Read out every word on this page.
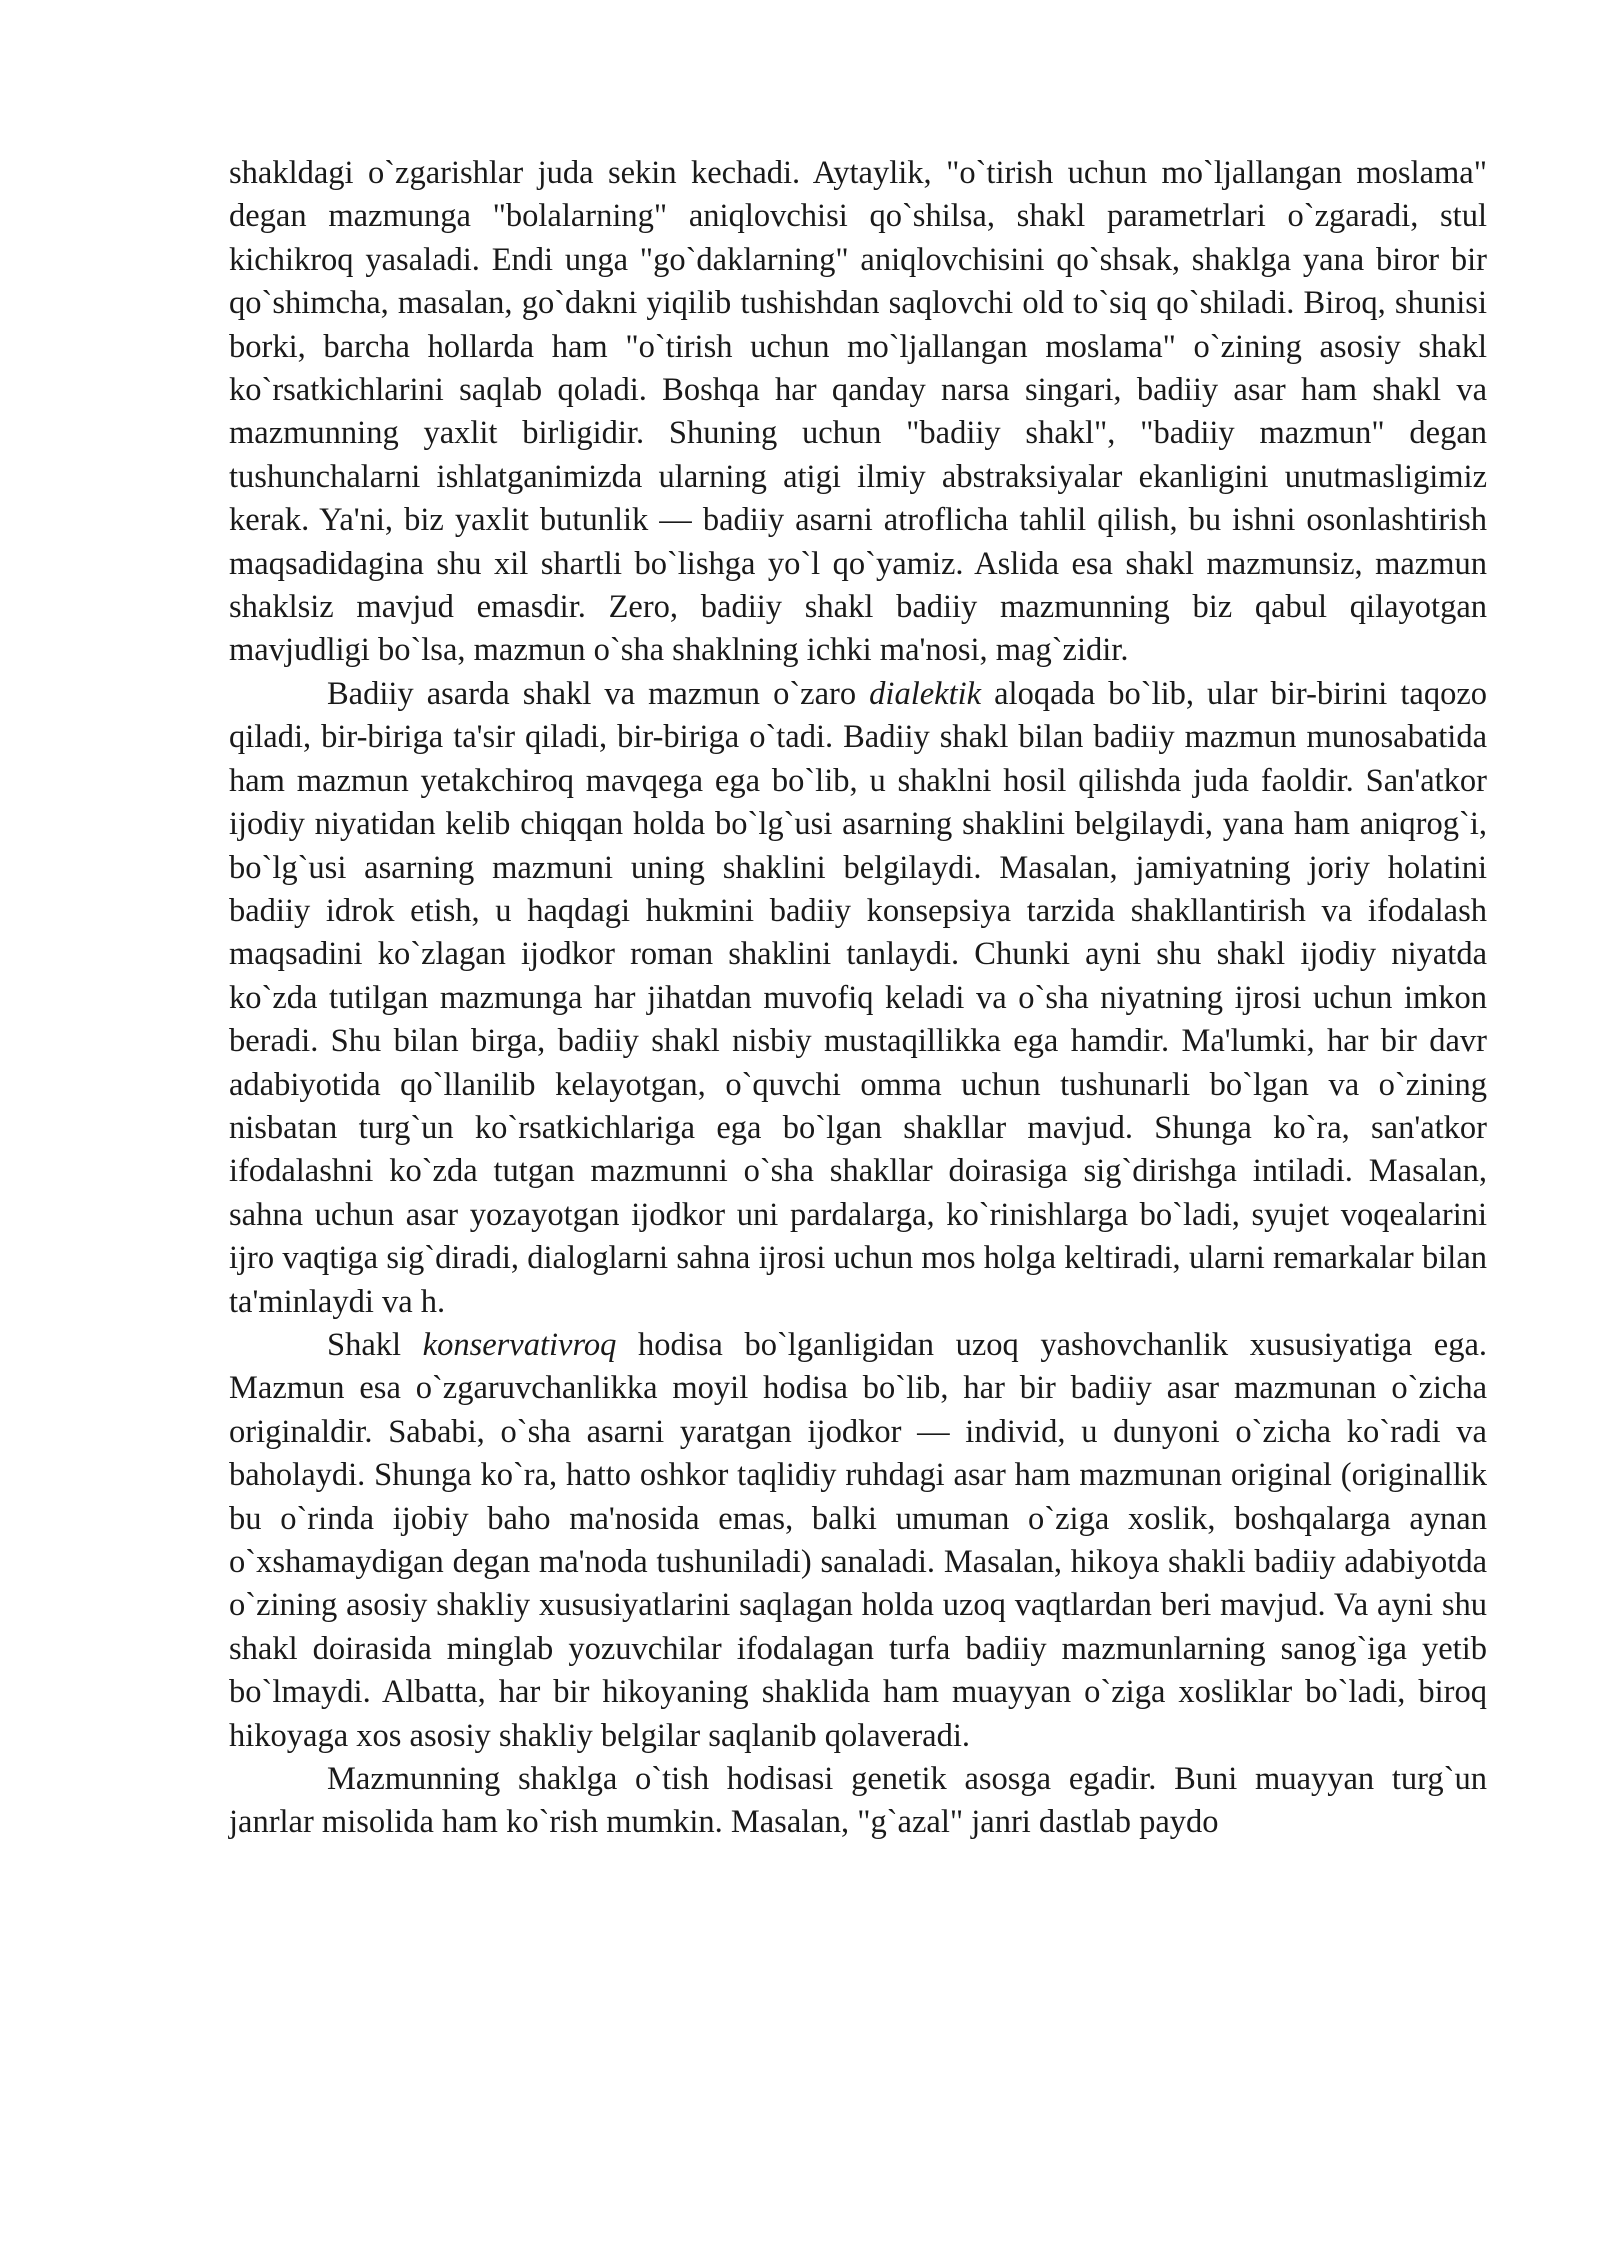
shakldagi o`zgarishlar juda sekin kechadi. Aytaylik, "o`tirish uchun mo`ljallangan moslama" degan mazmunga "bolalarning" aniqlovchisi qo`shilsa, shakl parametrlari o`zgaradi, stul kichikroq yasaladi. Endi unga "go`daklarning" aniqlovchisini qo`shsak, shaklga yana biror bir qo`shimcha, masalan, go`dakni yiqilib tushishdan saqlovchi old to`siq qo`shiladi. Biroq, shunisi borki, barcha hollarda ham "o`tirish uchun mo`ljallangan moslama" o`zining asosiy shakl ko`rsatkichlarini saqlab qoladi. Boshqa har qanday narsa singari, badiiy asar ham shakl va mazmunning yaxlit birligidir. Shuning uchun "badiiy shakl", "badiiy mazmun" degan tushunchalarni ishlatganimizda ularning atigi ilmiy abstraksiyalar ekanligini unutmasligimiz kerak. Ya'ni, biz yaxlit butunlik — badiiy asarni atroflicha tahlil qilish, bu ishni osonlashtirish maqsadidagina shu xil shartli bo`lishga yo`l qo`yamiz. Aslida esa shakl mazmunsiz, mazmun shaklsiz mavjud emasdir. Zero, badiiy shakl badiiy mazmunning biz qabul qilayotgan mavjudligi bo`lsa, mazmun o`sha shaklning ichki ma'nosi, mag`zidir.

Badiiy asarda shakl va mazmun o`zaro dialektik aloqada bo`lib, ular bir-birini taqozo qiladi, bir-biriga ta'sir qiladi, bir-biriga o`tadi. Badiiy shakl bilan badiiy mazmun munosabatida ham mazmun yetakchiroq mavqega ega bo`lib, u shaklni hosil qilishda juda faoldir. San'atkor ijodiy niyatidan kelib chiqqan holda bo`lg`usi asarning shaklini belgilaydi, yana ham aniqrog`i, bo`lg`usi asarning mazmuni uning shaklini belgilaydi. Masalan, jamiyatning joriy holatini badiiy idrok etish, u haqdagi hukmini badiiy konsepsiya tarzida shakllantirish va ifodalash maqsadini ko`zlagan ijodkor roman shaklini tanlaydi. Chunki ayni shu shakl ijodiy niyatda ko`zda tutilgan mazmunga har jihatdan muvofiq keladi va o`sha niyatning ijrosi uchun imkon beradi. Shu bilan birga, badiiy shakl nisbiy mustaqillikka ega hamdir. Ma'lumki, har bir davr adabiyotida qo`llanilib kelayotgan, o`quvchi omma uchun tushunarli bo`lgan va o`zining nisbatan turg`un ko`rsatkichlariga ega bo`lgan shakllar mavjud. Shunga ko`ra, san'atkor ifodalashni ko`zda tutgan mazmunni o`sha shakllar doirasiga sig`dirishga intiladi. Masalan, sahna uchun asar yozayotgan ijodkor uni pardalarga, ko`rinishlarga bo`ladi, syujet voqealarini ijro vaqtiga sig`diradi, dialoglarni sahna ijrosi uchun mos holga keltiradi, ularni remarkalar bilan ta'minlaydi va h.

Shakl konservativroq hodisa bo`lganligidan uzoq yashovchanlik xususiyatiga ega. Mazmun esa o`zgaruvchanlikka moyil hodisa bo`lib, har bir badiiy asar mazmunan o`zicha originaldir. Sababi, o`sha asarni yaratgan ijodkor — individ, u dunyoni o`zicha ko`radi va baholaydi. Shunga ko`ra, hatto oshkor taqlidiy ruhdagi asar ham mazmunan original (originallik bu o`rinda ijobiy baho ma'nosida emas, balki umuman o`ziga xoslik, boshqalarga aynan o`xshamaydigan degan ma'noda tushuniladi) sanaladi. Masalan, hikoya shakli badiiy adabiyotda o`zining asosiy shakliy xususiyatlarini saqlagan holda uzoq vaqtlardan beri mavjud. Va ayni shu shakl doirasida minglab yozuvchilar ifodalagan turfa badiiy mazmunlarning sanog`iga yetib bo`lmaydi. Albatta, har bir hikoyaning shaklida ham muayyan o`ziga xosliklar bo`ladi, biroq hikoyaga xos asosiy shakliy belgilar saqlanib qolaveradi.

Mazmunning shaklga o`tish hodisasi genetik asosga egadir. Buni muayyan turg`un janrlar misolida ham ko`rish mumkin. Masalan, "g`azal" janri dastlab paydo
